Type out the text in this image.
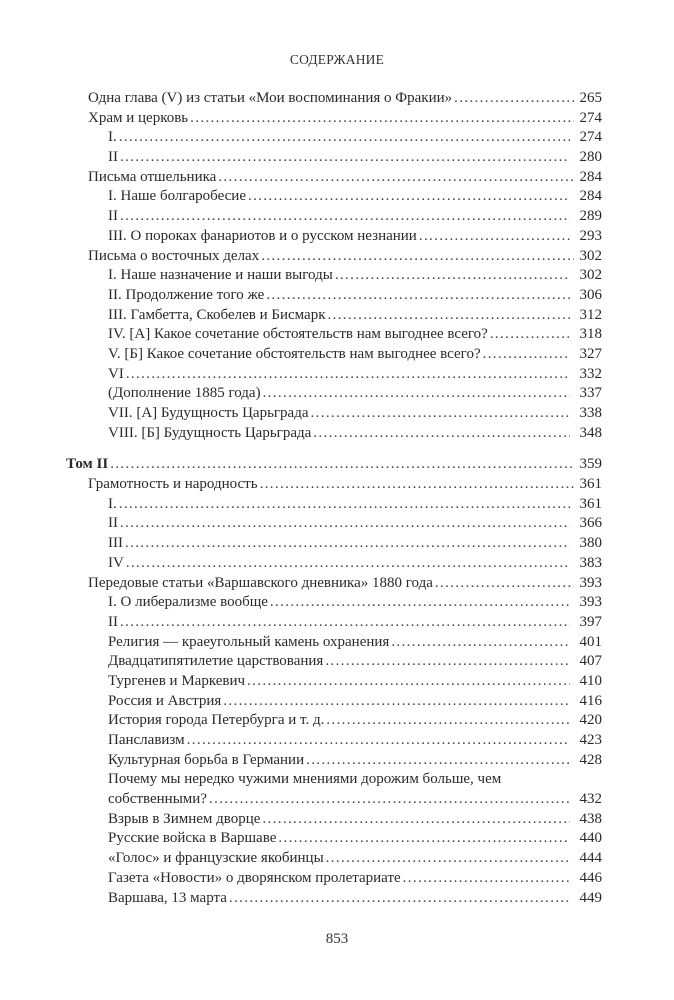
СОДЕРЖАНИЕ
Одна глава (V) из статьи «Мои воспоминания о Фракии» . . .	265
Храм и церковь . . .	274
I. . . .	274
II . . .	280
Письма отшельника . . .	284
I. Наше болгаробесие . . .	284
II . . .	289
III. О пороках фанариотов и о русском незнании . . .	293
Письма о восточных делах . . .	302
I. Наше назначение и наши выгоды . . .	302
II. Продолжение того же . . .	306
III. Гамбетта, Скобелев и Бисмарк . . .	312
IV. [А] Какое сочетание обстоятельств нам выгоднее всего? . . .	318
V. [Б] Какое сочетание обстоятельств нам выгоднее всего? . . .	327
VI . . .	332
(Дополнение 1885 года) . . .	337
VII. [А] Будущность Царьграда . . .	338
VIII. [Б] Будущность Царьграда . . .	348
Том II . . .	359
Грамотность и народность . . .	361
I. . . .	361
II . . .	366
III . . .	380
IV . . .	383
Передовые статьи «Варшавского дневника» 1880 года . . .	393
I. О либерализме вообще . . .	393
II . . .	397
Религия — краеугольный камень охранения . . .	401
Двадцатипятилетие царствования . . .	407
Тургенев и Маркевич . . .	410
Россия и Австрия . . .	416
История города Петербурга и т. д. . . .	420
Панславизм . . .	423
Культурная борьба в Германии . . .	428
Почему мы нередко чужими мнениями дорожим больше, чем
собственными? . . .	432
Взрыв в Зимнем дворце . . .	438
Русские войска в Варшаве . . .	440
«Голос» и французские якобинцы . . .	444
Газета «Новости» о дворянском пролетариате . . .	446
Варшава, 13 марта . . .	449
853
